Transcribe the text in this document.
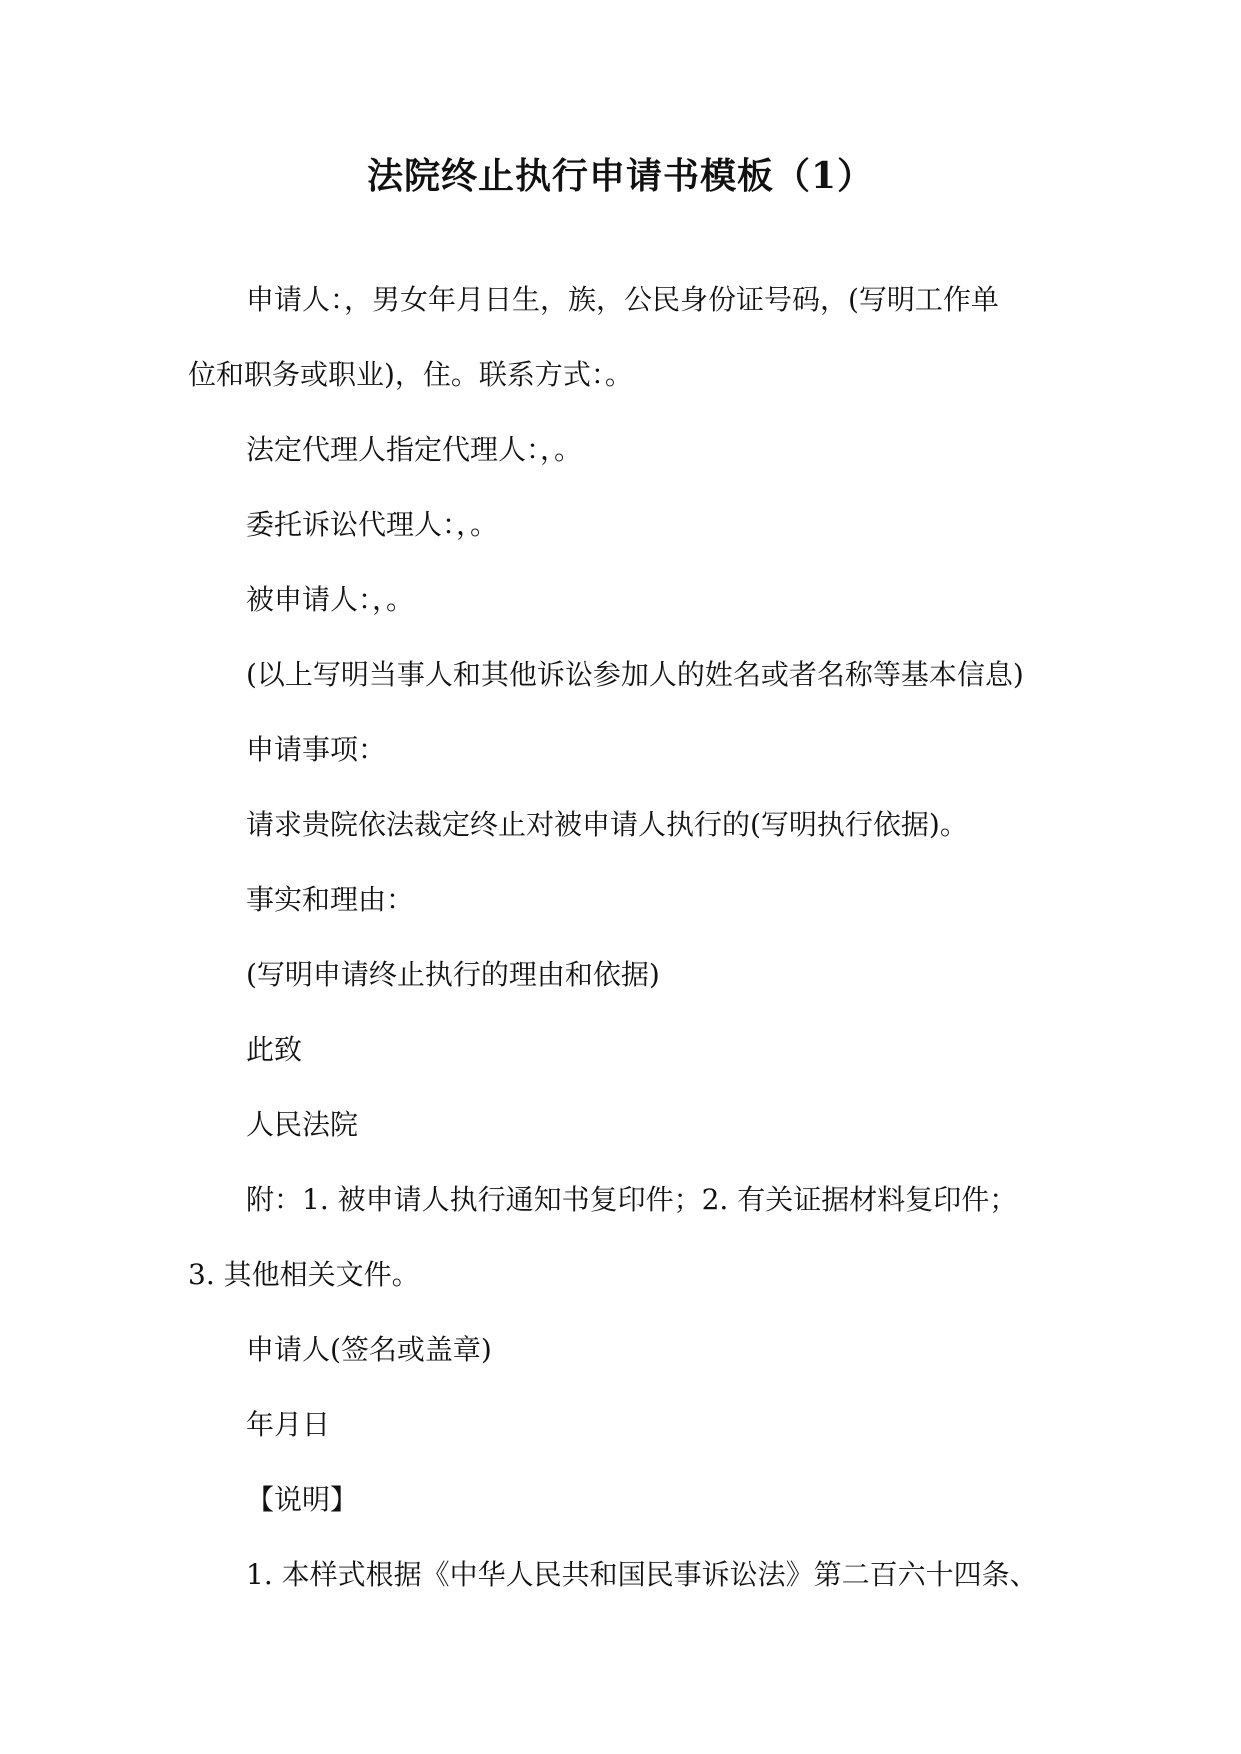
法院终止执行申请书模板（1）

申请人：，男女年月日生，族，公民身份证号码，(写明工作单

位和职务或职业)，住。联系方式：。

法定代理人指定代理人：，。

委托诉讼代理人：，。

被申请人：，。

(以上写明当事人和其他诉讼参加人的姓名或者名称等基本信息)

申请事项：

请求贵院依法裁定终止对被申请人执行的(写明执行依据)。

事实和理由：

(写明申请终止执行的理由和依据)

此致

人民法院

附：1. 被申请人执行通知书复印件；2. 有关证据材料复印件；

3. 其他相关文件。

申请人(签名或盖章)

年月日

【说明】

1. 本样式根据《中华人民共和国民事诉讼法》第二百六十四条、
